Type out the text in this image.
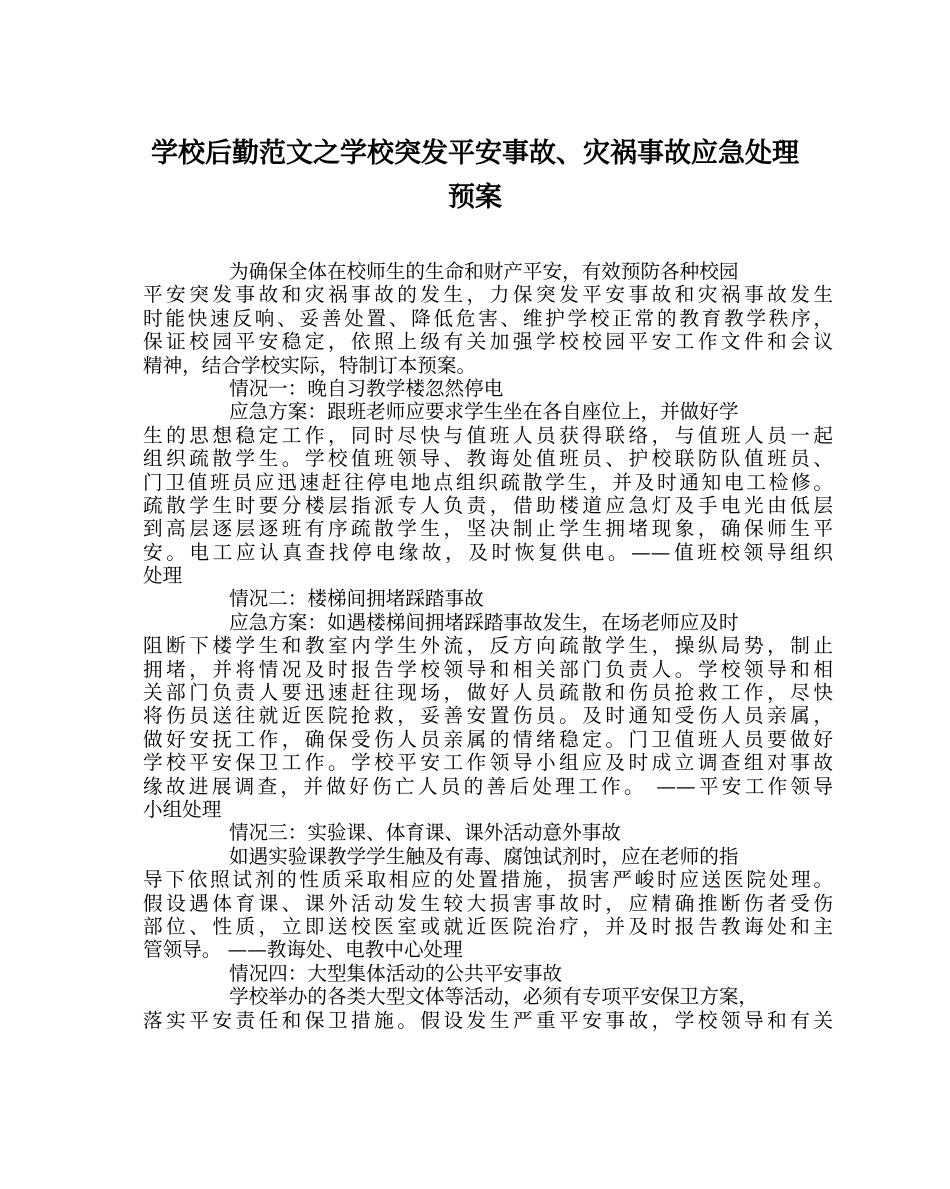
学校后勤范文之学校突发平安事故、灾祸事故应急处理
预案
为确保全体在校师生的生命和财产平安，有效预防各种校园
平安突发事故和灾祸事故的发生，力保突发平安事故和灾祸事故发生
时能快速反响、妥善处置、降低危害、维护学校正常的教育教学秩序，
保证校园平安稳定，依照上级有关加强学校校园平安工作文件和会议
精神，结合学校实际，特制订本预案。
情况一：晚自习教学楼忽然停电
应急方案：跟班老师应要求学生坐在各自座位上，并做好学
生的思想稳定工作，同时尽快与值班人员获得联络，与值班人员一起
组织疏散学生。学校值班领导、教诲处值班员、护校联防队值班员、
门卫值班员应迅速赶往停电地点组织疏散学生，并及时通知电工检修。
疏散学生时要分楼层指派专人负责，借助楼道应急灯及手电光由低层
到高层逐层逐班有序疏散学生，坚决制止学生拥堵现象，确保师生平
安。电工应认真查找停电缘故，及时恢复供电。——值班校领导组织
处理
情况二：楼梯间拥堵踩踏事故
应急方案：如遇楼梯间拥堵踩踏事故发生，在场老师应及时
阻断下楼学生和教室内学生外流，反方向疏散学生，操纵局势，制止
拥堵，并将情况及时报告学校领导和相关部门负责人。学校领导和相
关部门负责人要迅速赶往现场，做好人员疏散和伤员抢救工作，尽快
将伤员送往就近医院抢救，妥善安置伤员。及时通知受伤人员亲属，
做好安抚工作，确保受伤人员亲属的情绪稳定。门卫值班人员要做好
学校平安保卫工作。学校平安工作领导小组应及时成立调查组对事故
缘故进展调查，并做好伤亡人员的善后处理工作。 ——平安工作领导
小组处理
情况三：实验课、体育课、课外活动意外事故
如遇实验课教学学生触及有毒、腐蚀试剂时，应在老师的指
导下依照试剂的性质采取相应的处置措施，损害严峻时应送医院处理。
假设遇体育课、课外活动发生较大损害事故时，应精确推断伤者受伤
部位、性质，立即送校医室或就近医院治疗，并及时报告教诲处和主
管领导。 ——教诲处、电教中心处理
情况四：大型集体活动的公共平安事故
学校举办的各类大型文体等活动，必须有专项平安保卫方案，
落实平安责任和保卫措施。假设发生严重平安事故，学校领导和有关
